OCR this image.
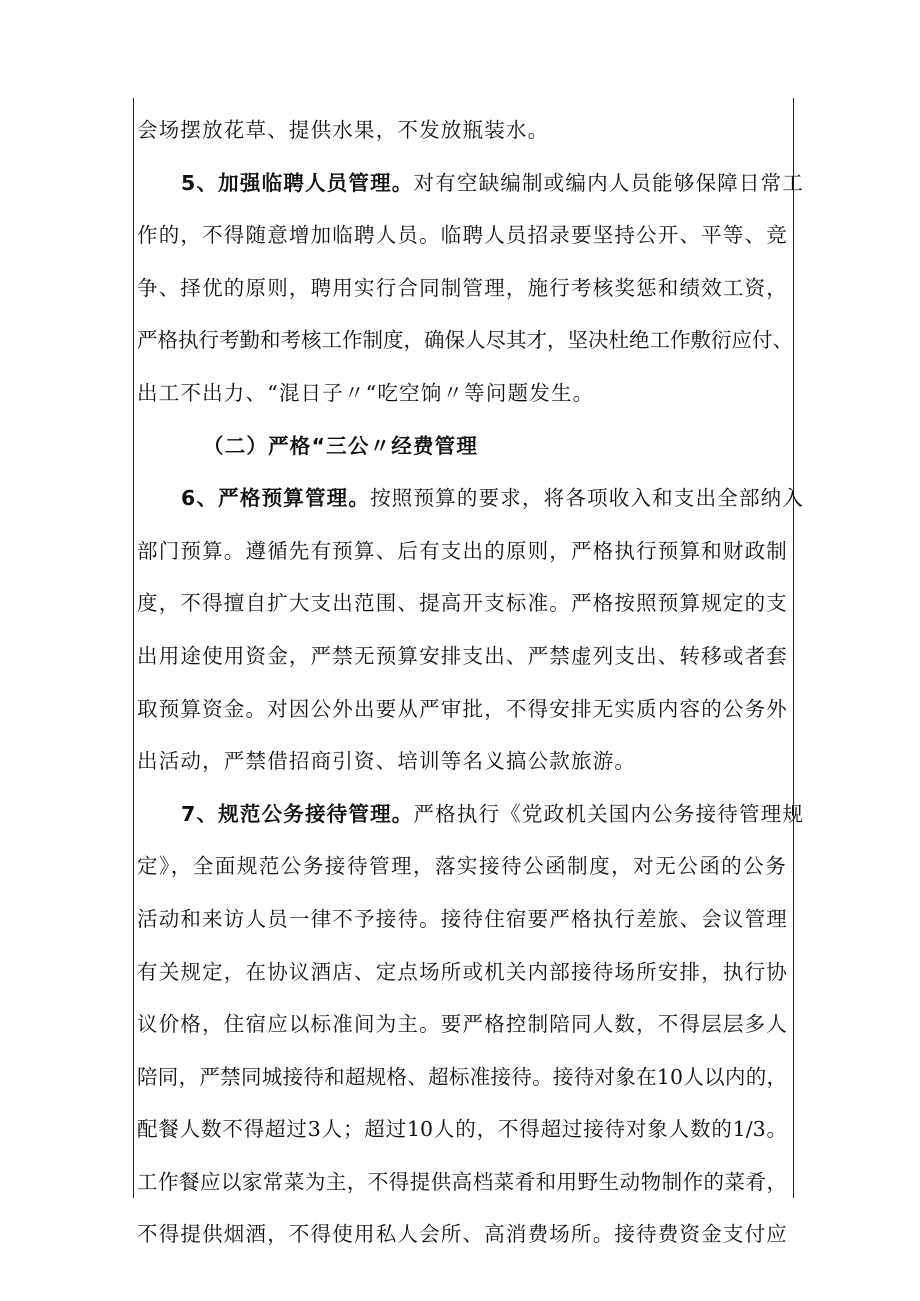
会场摆放花草、提供水果，不发放瓶装水。
5、加强临聘人员管理。对有空缺编制或编内人员能够保障日常工
作的，不得随意增加临聘人员。临聘人员招录要坚持公开、平等、竞
争、择优的原则，聘用实行合同制管理，施行考核奖惩和绩效工资，
严格执行考勤和考核工作制度，确保人尽其才，坚决杜绝工作敷衍应付、
出工不出力、“混日子〃“吃空饷〃等问题发生。
（二）严格“三公〃经费管理
6、严格预算管理。按照预算的要求，将各项收入和支出全部纳入
部门预算。遵循先有预算、后有支出的原则，严格执行预算和财政制
度，不得擅自扩大支出范围、提高开支标准。严格按照预算规定的支
出用途使用资金，严禁无预算安排支出、严禁虚列支出、转移或者套
取预算资金。对因公外出要从严审批，不得安排无实质内容的公务外
出活动，严禁借招商引资、培训等名义搞公款旅游。
7、规范公务接待管理。严格执行《党政机关国内公务接待管理规
定》，全面规范公务接待管理，落实接待公函制度，对无公函的公务
活动和来访人员一律不予接待。接待住宿要严格执行差旅、会议管理
有关规定，在协议酒店、定点场所或机关内部接待场所安排，执行协
议价格，住宿应以标准间为主。要严格控制陪同人数，不得层层多人
陪同，严禁同城接待和超规格、超标准接待。接待对象在10人以内的，
配餐人数不得超过3人；超过10人的，不得超过接待对象人数的1/3。
工作餐应以家常菜为主，不得提供高档菜肴和用野生动物制作的菜肴，
不得提供烟酒，不得使用私人会所、高消费场所。接待费资金支付应
